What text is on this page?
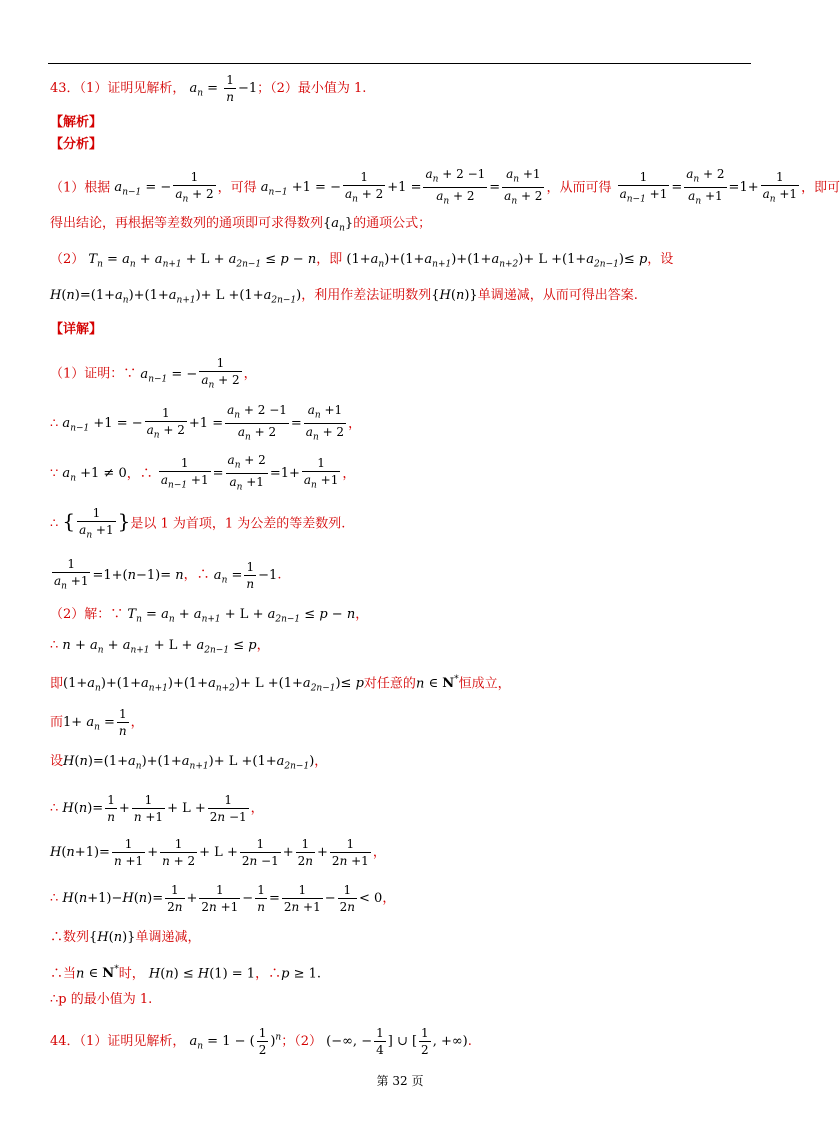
43．（1）证明见解析， $a_n = \frac{1}{n} -1$；（2）最小值为 1.
【解析】
【分析】
（1）根据 $a_{n-1}$ = − $\frac{1}{a_n + 2}$ ，可得 $a_{n-1} +1$ = − $\frac{1}{a_n + 2} +1 = \frac{a_n + 2 -1}{a_n + 2} = \frac{a_n +1}{a_n + 2}$ ，从而可得 $\frac{1}{a_{n-1} +1} = \frac{a_n + 2}{a_n +1} =1+ \frac{1}{a_n +1}$ ，即可
得出结论，再根据等差数列的通项即可求得数列$\{a_n\}$的通项公式；
（2） $T_n = a_n + a_{n+1} + L + a_{2n-1} \le p - n$，即 $(1+a_n)+(1+a_{n+1})+(1+a_{n+2})+ L +(1+a_{2n-1})\le p$，设
$H(n)=(1+a_n)+(1+a_{n+1})+ L +(1+a_{2n-1})$，利用作差法证明数列{H(n)}单调递减，从而可得出答案.
【详解】
（1）证明：∵ $a_{n-1}$ = − $\frac{1}{a_n + 2}$ ，
∴ $a_{n-1} +1$ = − $\frac{1}{a_n + 2} +1 = \frac{a_n + 2 -1}{a_n + 2} = \frac{a_n +1}{a_n + 2}$ ，
∵ $a_n +1 \ne 0$，∴ $\frac{1}{a_{n-1} +1} = \frac{a_n + 2}{a_n +1} =1+ \frac{1}{a_n +1}$ ，
∴ { $\frac{1}{a_n +1}$ }是以 1 为首项，1 为公差的等差数列.
$\frac{1}{a_n +1} =1+(n-1)= n$，∴ $a_n = \frac{1}{n} -1$.
（2）解：∵ $T_n = a_n + a_{n+1} + L + a_{2n-1} \le p - n$，
∴ $n + a_n + a_{n+1} + L + a_{2n-1} \le p$，
即$(1+a_n)+(1+a_{n+1})+(1+a_{n+2})+ L +(1+a_{2n-1})\le p$对任意的n ∈ N*恒成立，
而$1+ a_n = \frac{1}{n}$ ，
设$H(n)=(1+a_n)+(1+a_{n+1})+ L +(1+a_{2n-1})$，
∴ $H(n)= \frac{1}{n} + \frac{1}{n +1} + L + \frac{1}{2n -1}$ ，
$H(n+1)= \frac{1}{n +1} + \frac{1}{n + 2} + L + \frac{1}{2n -1} + \frac{1}{2n} + \frac{1}{2n +1}$ ，
∴ $H(n+1)-H(n)= \frac{1}{2n} + \frac{1}{2n +1} - \frac{1}{n} = \frac{1}{2n +1} - \frac{1}{2n} < 0$，
∴数列{H(n)}单调递减，
∴当n ∈ N*时， H(n) ≤ H(1) = 1，∴p ≥ 1.
∴p 的最小值为 1.
44．（1）证明见解析， $a_n = 1$ − ( $\frac{1}{2} )^n$；（2） (−∞, − $\frac{1}{4}$ ] ∪ [ $\frac{1}{2}$ , +∞).
第 32 页
